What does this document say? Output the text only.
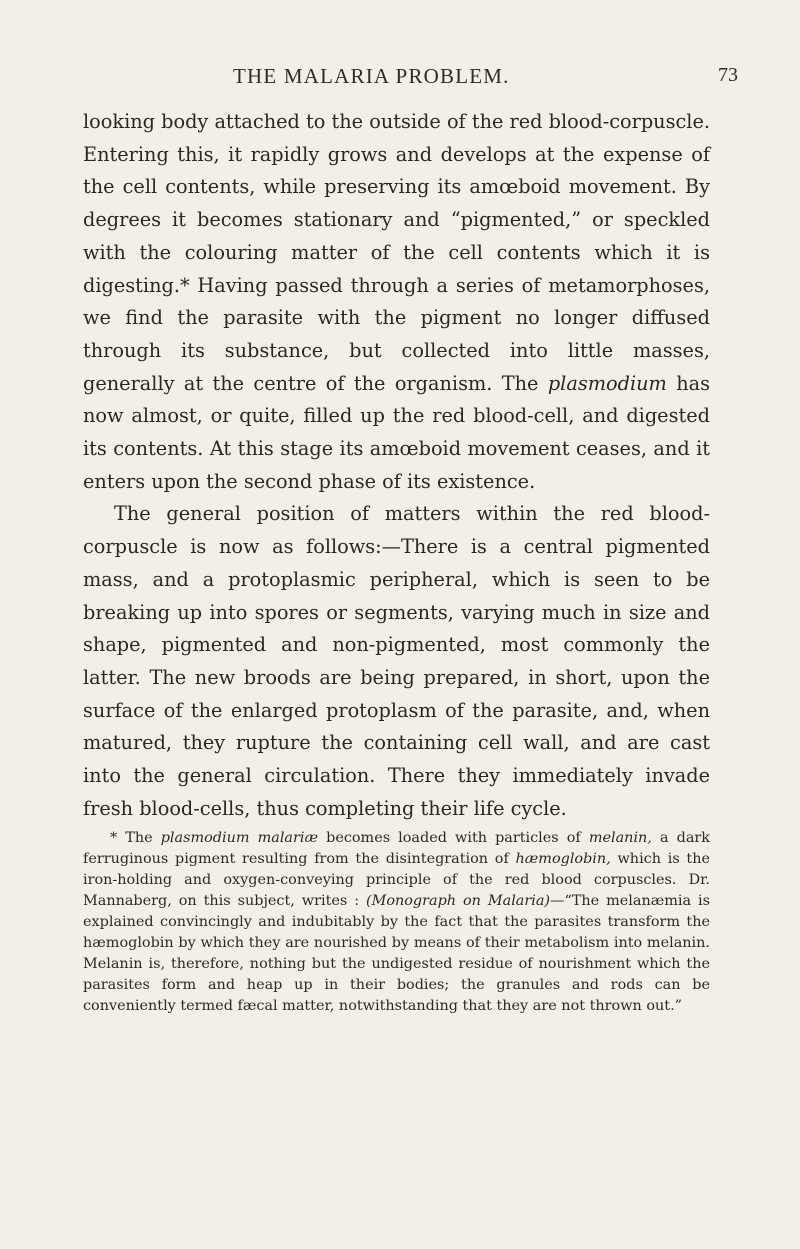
THE MALARIA PROBLEM.	73

looking body attached to the outside of the red blood-corpuscle. Entering this, it rapidly grows and develops at the expense of the cell contents, while preserving its amœboid movement. By degrees it becomes stationary and “pigmented,” or speckled with the colouring matter of the cell contents which it is digesting.* Having passed through a series of metamorphoses, we find the parasite with the pigment no longer diffused through its substance, but collected into little masses, generally at the centre of the organism. The plasmodium has now almost, or quite, filled up the red blood-cell, and digested its contents. At this stage its amœboid movement ceases, and it enters upon the second phase of its existence.

The general position of matters within the red blood-corpuscle is now as follows:—There is a central pigmented mass, and a protoplasmic peripheral, which is seen to be breaking up into spores or segments, varying much in size and shape, pigmented and non-pigmented, most commonly the latter. The new broods are being prepared, in short, upon the surface of the enlarged protoplasm of the parasite, and, when matured, they rupture the containing cell wall, and are cast into the general circulation. There they immediately invade fresh blood-cells, thus completing their life cycle.

* The plasmodium malariæ becomes loaded with particles of melanin, a dark ferruginous pigment resulting from the disintegration of hæmoglobin, which is the iron-holding and oxygen-conveying principle of the red blood corpuscles. Dr. Mannaberg, on this subject, writes : (Monograph on Malaria)—“The melanæmia is explained convincingly and indubitably by the fact that the parasites transform the hæmoglobin by which they are nourished by means of their metabolism into melanin. Melanin is, therefore, nothing but the undigested residue of nourishment which the parasites form and heap up in their bodies; the granules and rods can be conveniently termed fæcal matter, notwithstanding that they are not thrown out.”
